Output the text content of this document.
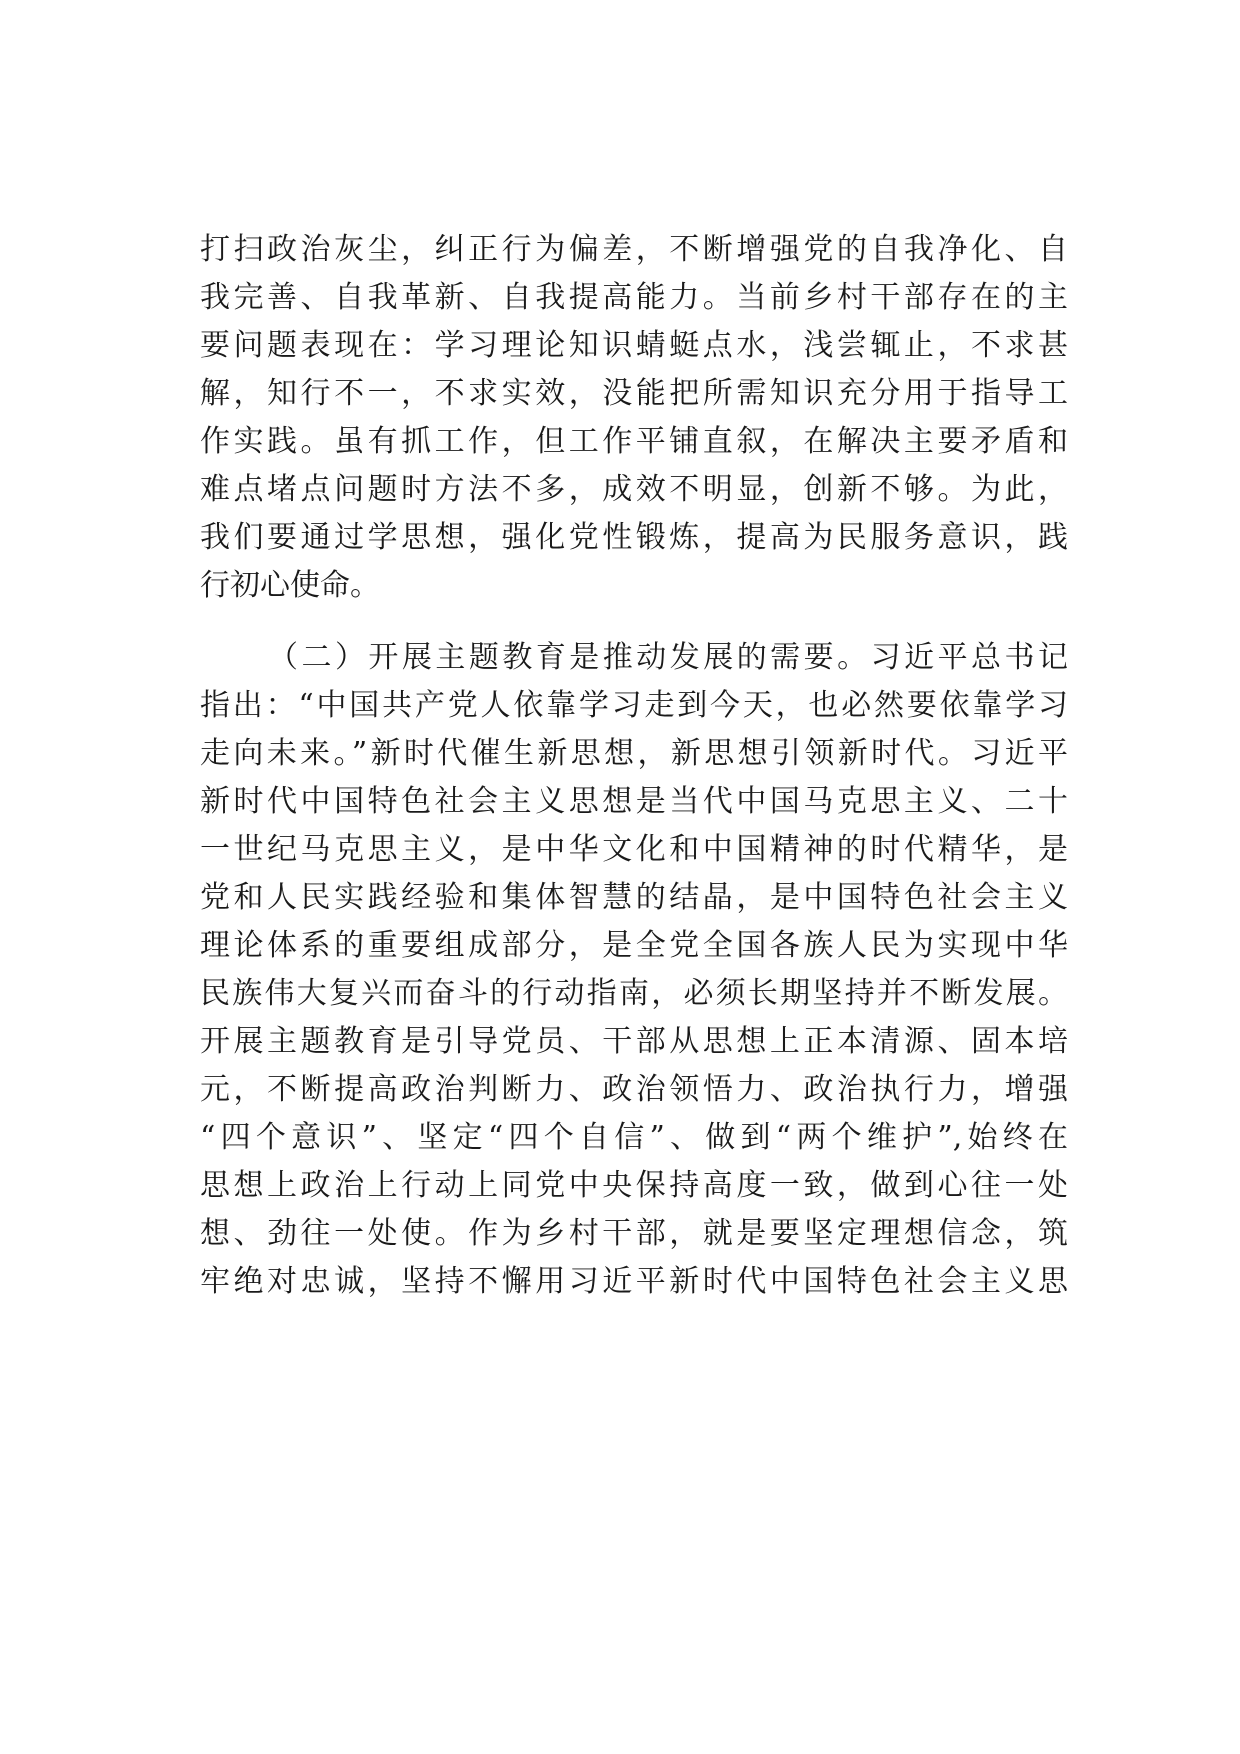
打扫政治灰尘，纠正行为偏差，不断增强党的自我净化、自
我完善、自我革新、自我提高能力。当前乡村干部存在的主
要问题表现在：学习理论知识蜻蜓点水，浅尝辄止，不求甚
解，知行不一，不求实效，没能把所需知识充分用于指导工
作实践。虽有抓工作，但工作平铺直叙，在解决主要矛盾和
难点堵点问题时方法不多，成效不明显，创新不够。为此，
我们要通过学思想，强化党性锻炼，提高为民服务意识，践
行初心使命。
（二）开展主题教育是推动发展的需要。习近平总书记
指出：“中国共产党人依靠学习走到今天，也必然要依靠学习
走向未来。”新时代催生新思想，新思想引领新时代。习近平
新时代中国特色社会主义思想是当代中国马克思主义、二十
一世纪马克思主义，是中华文化和中国精神的时代精华，是
党和人民实践经验和集体智慧的结晶，是中国特色社会主义
理论体系的重要组成部分，是全党全国各族人民为实现中华
民族伟大复兴而奋斗的行动指南，必须长期坚持并不断发展。
开展主题教育是引导党员、干部从思想上正本清源、固本培
元，不断提高政治判断力、政治领悟力、政治执行力，增强
“四个意识”、坚定“四个自信”、做到“两个维护”,始终在
思想上政治上行动上同党中央保持高度一致，做到心往一处
想、劲往一处使。作为乡村干部，就是要坚定理想信念，筑
牢绝对忠诚，坚持不懈用习近平新时代中国特色社会主义思
